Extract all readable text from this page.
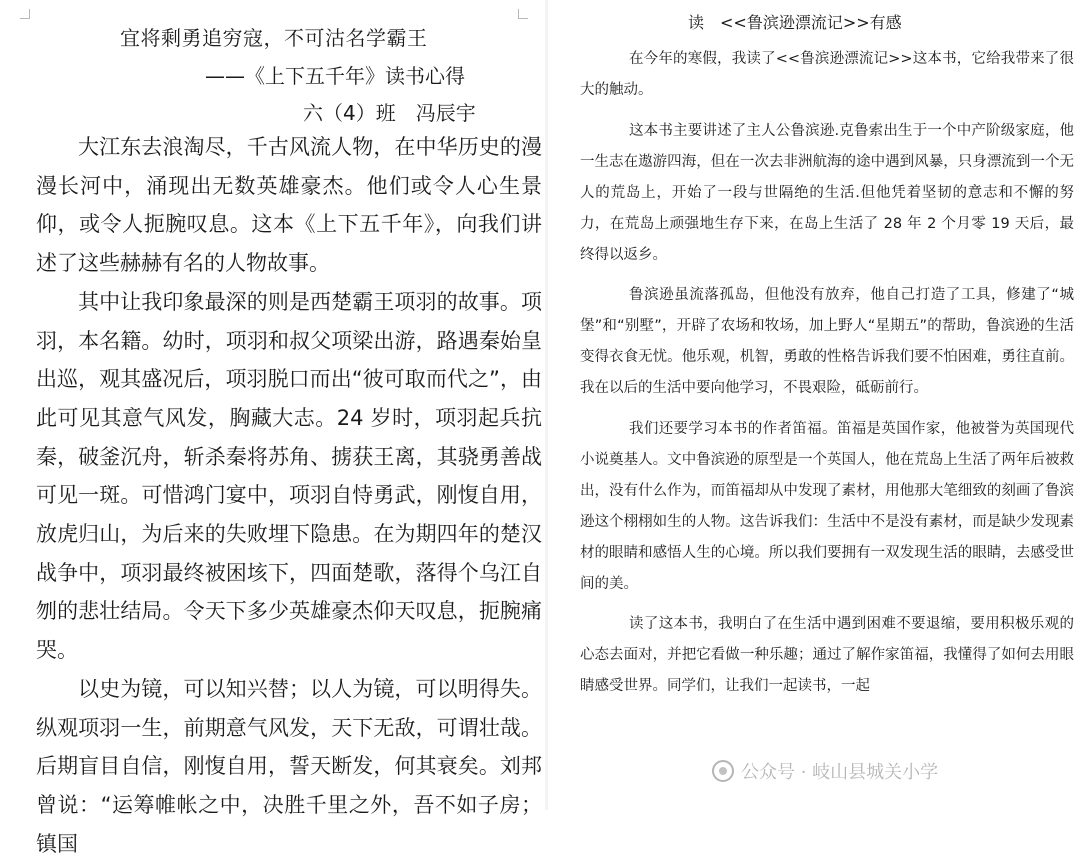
宜将剩勇追穷寇，不可沽名学霸王
——《上下五千年》读书心得
六（4）班　冯辰宇

大江东去浪淘尽，千古风流人物，在中华历史的漫漫长河中，涌现出无数英雄豪杰。他们或令人心生景仰，或令人扼腕叹息。这本《上下五千年》，向我们讲述了这些赫赫有名的人物故事。

其中让我印象最深的则是西楚霸王项羽的故事。项羽，本名籍。幼时，项羽和叔父项梁出游，路遇秦始皇出巡，观其盛况后，项羽脱口而出“彼可取而代之”，由此可见其意气风发，胸藏大志。24 岁时，项羽起兵抗秦，破釜沉舟，斩杀秦将苏角、掳获王离，其骁勇善战可见一斑。可惜鸿门宴中，项羽自恃勇武，刚愎自用，放虎归山，为后来的失败埋下隐患。在为期四年的楚汉战争中，项羽最终被困垓下，四面楚歌，落得个乌江自刎的悲壮结局。令天下多少英雄豪杰仰天叹息，扼腕痛哭。

以史为镜，可以知兴替；以人为镜，可以明得失。纵观项羽一生，前期意气风发，天下无敌，可谓壮哉。后期盲目自信，刚愎自用，誓天断发，何其衰矣。刘邦曾说：“运筹帷帐之中，决胜千里之外，吾不如子房；镇国

读　<<鲁滨逊漂流记>>有感

在今年的寒假，我读了<<鲁滨逊漂流记>>这本书，它给我带来了很大的触动。

这本书主要讲述了主人公鲁滨逊.克鲁索出生于一个中产阶级家庭，他一生志在遨游四海，但在一次去非洲航海的途中遇到风暴，只身漂流到一个无人的荒岛上，开始了一段与世隔绝的生活.但他凭着坚韧的意志和不懈的努力，在荒岛上顽强地生存下来，在岛上生活了 28 年 2 个月零 19 天后，最终得以返乡。

鲁滨逊虽流落孤岛，但他没有放弃，他自己打造了工具，修建了“城堡”和“别墅”，开辟了农场和牧场，加上野人“星期五”的帮助，鲁滨逊的生活变得衣食无忧。他乐观，机智，勇敢的性格告诉我们要不怕困难，勇往直前。我在以后的生活中要向他学习，不畏艰险，砥砺前行。

我们还要学习本书的作者笛福。笛福是英国作家，他被誉为英国现代小说奠基人。文中鲁滨逊的原型是一个英国人，他在荒岛上生活了两年后被救出，没有什么作为，而笛福却从中发现了素材，用他那大笔细致的刻画了鲁滨逊这个栩栩如生的人物。这告诉我们：生活中不是没有素材，而是缺少发现素材的眼睛和感悟人生的心境。所以我们要拥有一双发现生活的眼睛，去感受世间的美。

读了这本书，我明白了在生活中遇到困难不要退缩，要用积极乐观的心态去面对，并把它看做一种乐趣；通过了解作家笛福，我懂得了如何去用眼睛感受世界。同学们，让我们一起读书，一起

公众号 · 岐山县城关小学
